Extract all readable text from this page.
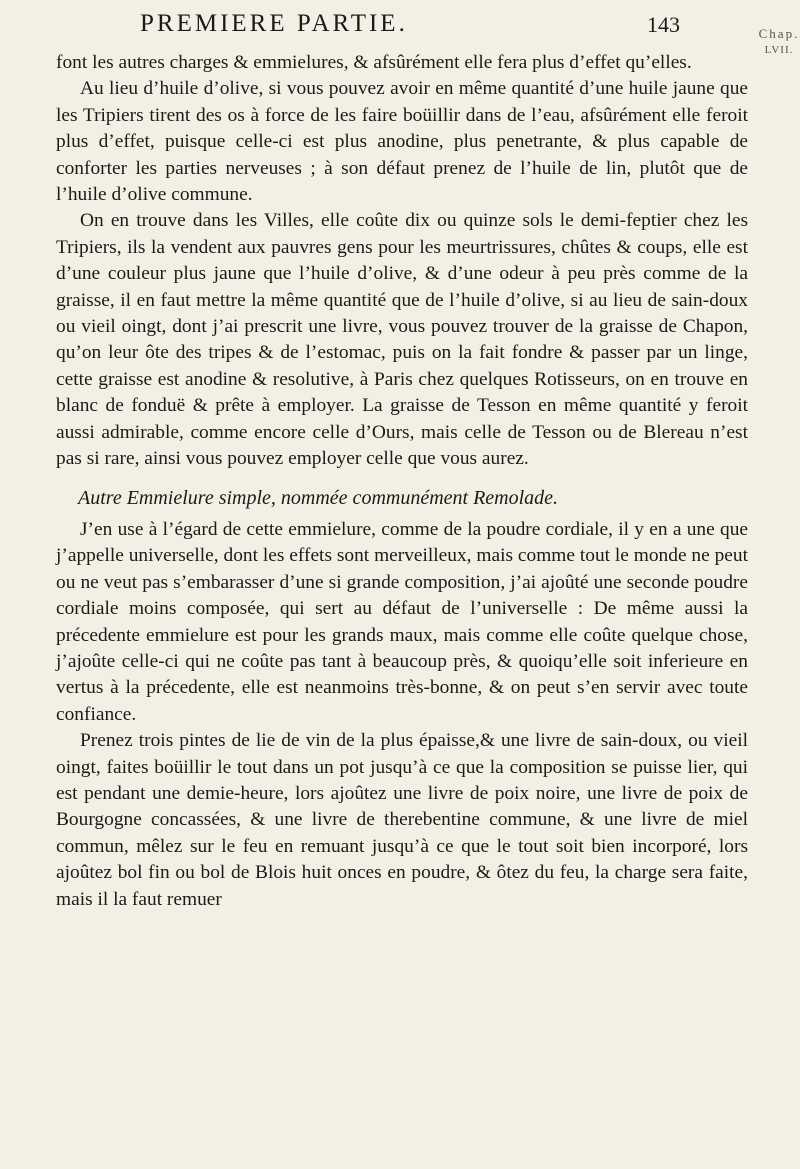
PREMIERE PARTIE.	143	Chap.
LVII.

font les autres charges & emmielures, & afsûrément elle fera plus d’effet qu’elles.

Au lieu d’huile d’olive, si vous pouvez avoir en même quantité d’une huile jaune que les Tripiers tirent des os à force de les faire boüillir dans de l’eau, afsûrément elle feroit plus d’effet, puisque celle-ci est plus anodine, plus penetrante, & plus capable de conforter les parties nerveuses ; à son défaut prenez de l’huile de lin, plutôt que de l’huile d’olive commune.

On en trouve dans les Villes, elle coûte dix ou quinze sols le demi-feptier chez les Tripiers, ils la vendent aux pauvres gens pour les meurtrissures, chûtes & coups, elle est d’une couleur plus jaune que l’huile d’olive, & d’une odeur à peu près comme de la graisse, il en faut mettre la même quantité que de l’huile d’olive, si au lieu de sain-doux ou vieil oingt, dont j’ai prescrit une livre, vous pouvez trouver de la graisse de Chapon, qu’on leur ôte des tripes & de l’estomac, puis on la fait fondre & passer par un linge, cette graisse est anodine & resolutive, à Paris chez quelques Rotisseurs, on en trouve en blanc de fonduë & prête à employer. La graisse de Tesson en même quantité y feroit aussi admirable, comme encore celle d’Ours, mais celle de Tesson ou de Blereau n’est pas si rare, ainsi vous pouvez employer celle que vous aurez.

Autre Emmielure simple, nommée communément Remolade.

J’en use à l’égard de cette emmielure, comme de la poudre cordiale, il y en a une que j’appelle universelle, dont les effets sont merveilleux, mais comme tout le monde ne peut ou ne veut pas s’embarasser d’une si grande composition, j’ai ajoûté une seconde poudre cordiale moins composée, qui sert au défaut de l’universelle : De même aussi la précedente emmielure est pour les grands maux, mais comme elle coûte quelque chose, j’ajoûte celle-ci qui ne coûte pas tant à beaucoup près, & quoiqu’elle soit inferieure en vertus à la précedente, elle est neanmoins très-bonne, & on peut s’en servir avec toute confiance.

Prenez trois pintes de lie de vin de la plus épaisse,& une livre de sain-doux, ou vieil oingt, faites boüillir le tout dans un pot jusqu’à ce que la composition se puisse lier, qui est pendant une demie-heure, lors ajoûtez une livre de poix noire, une livre de poix de Bourgogne concassées, & une livre de therebentine commune, & une livre de miel commun, mêlez sur le feu en remuant jusqu’à ce que le tout soit bien incorporé, lors ajoûtez bol fin ou bol de Blois huit onces en poudre, & ôtez du feu, la charge sera faite, mais il la faut remuer
